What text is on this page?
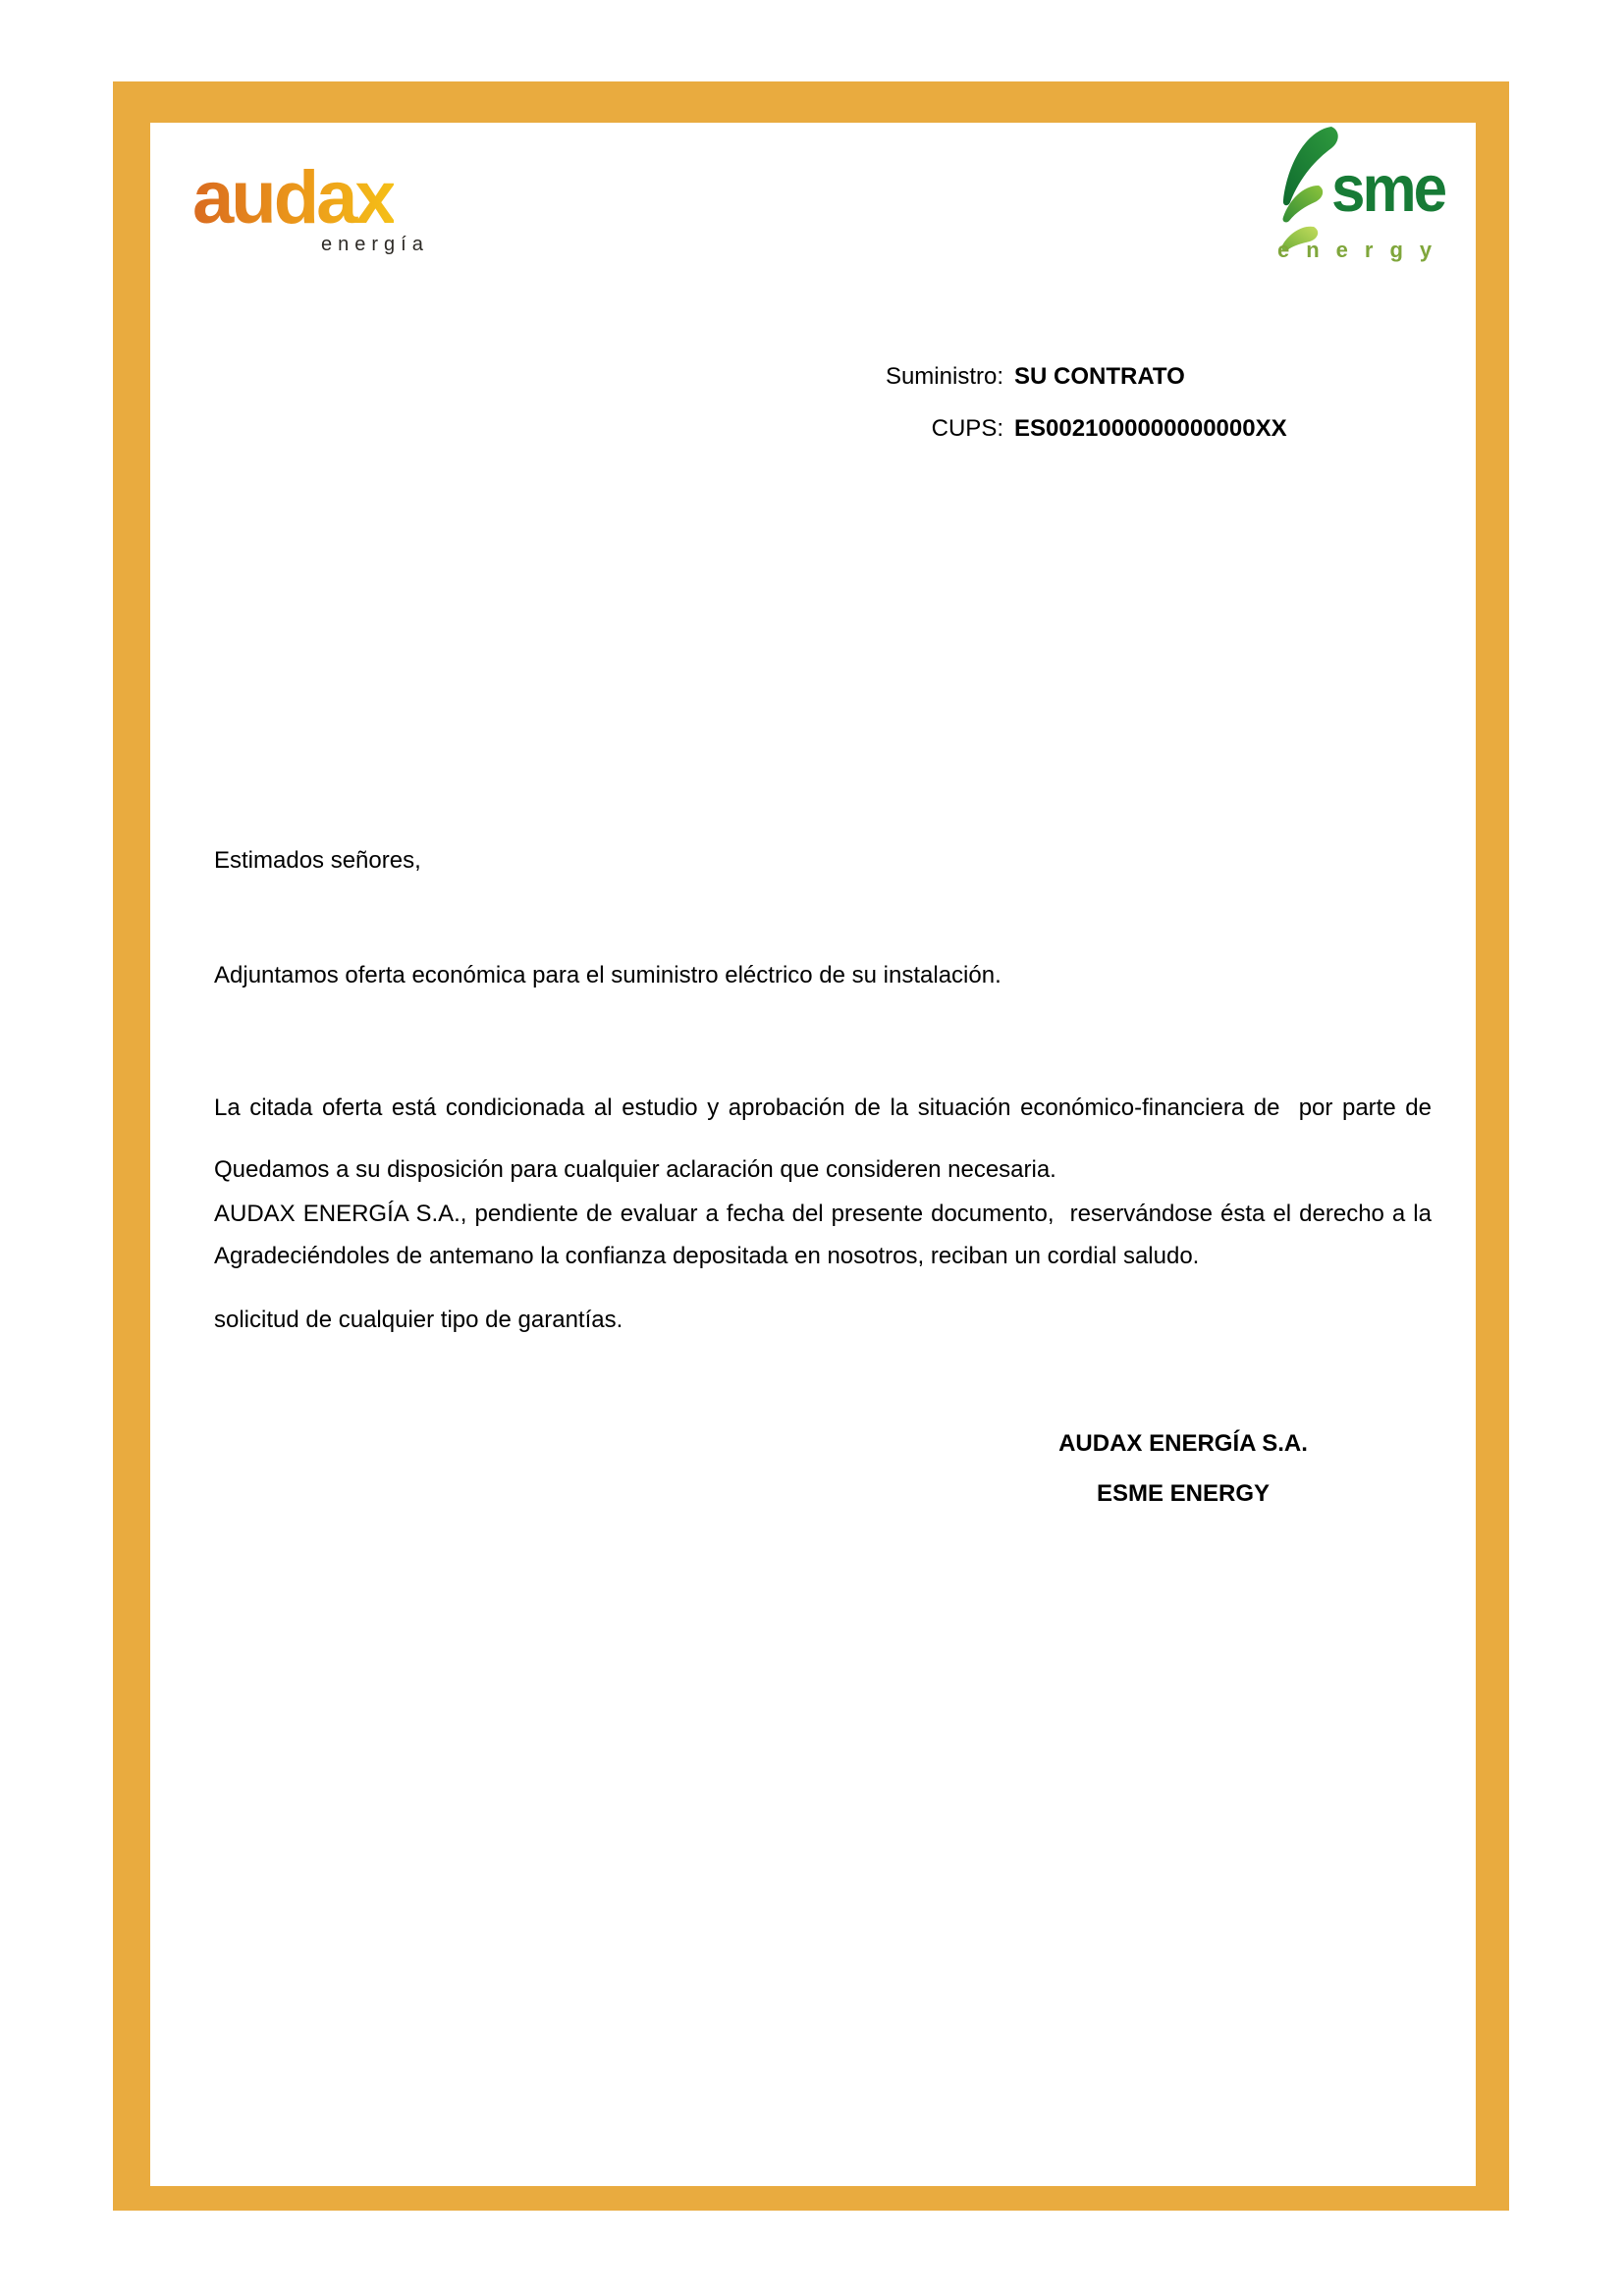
audax
energía
sme
energy
Suministro: SU CONTRATO
CUPS: ES0021000000000000XX
Estimados señores,
Adjuntamos oferta económica para el suministro eléctrico de su instalación.

La citada oferta está condicionada al estudio y aprobación de la situación económico-financiera de  por parte de

AUDAX ENERGÍA S.A., pendiente de evaluar a fecha del presente documento,  reservándose ésta el derecho a la

solicitud de cualquier tipo de garantías.

Quedamos a su disposición para cualquier aclaración que consideren necesaria.
Agradeciéndoles de antemano la confianza depositada en nosotros, reciban un cordial saludo.
AUDAX ENERGÍA S.A.
ESME ENERGY
